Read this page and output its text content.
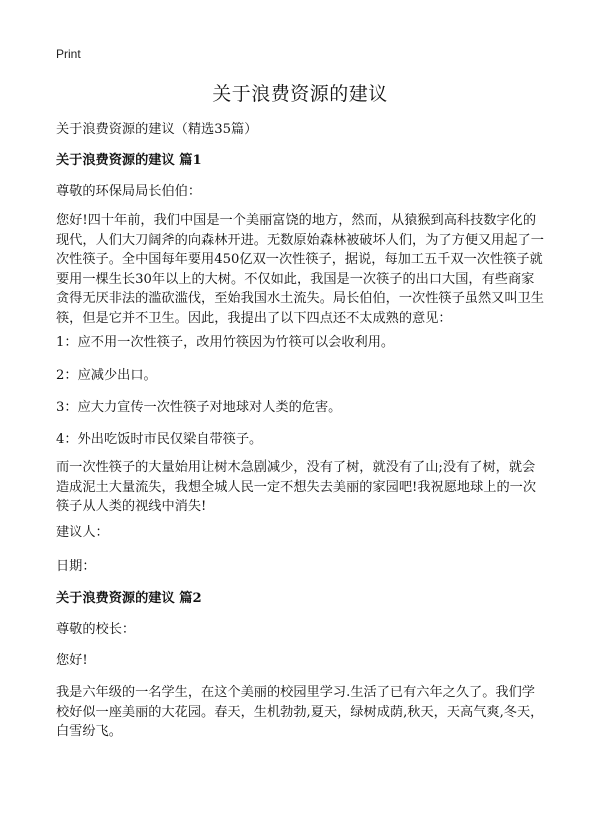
Print
关于浪费资源的建议

关于浪费资源的建议（精选35篇）

关于浪费资源的建议 篇1

尊敬的环保局局长伯伯：

您好!四十年前，我们中国是一个美丽富饶的地方，然而，从猿猴到高科技数字化的现代，人们大刀阔斧的向森林开进。无数原始森林被破坏人们，为了方便又用起了一次性筷子。全中国每年要用450亿双一次性筷子，据说，每加工五千双一次性筷子就要用一棵生长30年以上的大树。不仅如此，我国是一次筷子的出口大国，有些商家贪得无厌非法的滥砍滥伐，至始我国水土流失。局长伯伯，一次性筷子虽然又叫卫生筷，但是它并不卫生。因此，我提出了以下四点还不太成熟的意见：

1：应不用一次性筷子，改用竹筷因为竹筷可以会收利用。

2：应减少出口。

3：应大力宣传一次性筷子对地球对人类的危害。

4：外出吃饭时市民仅梁自带筷子。

而一次性筷子的大量始用让树木急剧减少，没有了树，就没有了山;没有了树，就会造成泥土大量流失，我想全城人民一定不想失去美丽的家园吧!我祝愿地球上的一次筷子从人类的视线中消失!

建议人：

日期：

关于浪费资源的建议 篇2

尊敬的校长：

您好!

我是六年级的一名学生，在这个美丽的校园里学习.生活了已有六年之久了。我们学校好似一座美丽的大花园。春天，生机勃勃,夏天，绿树成荫,秋天，天高气爽,冬天，白雪纷飞。
